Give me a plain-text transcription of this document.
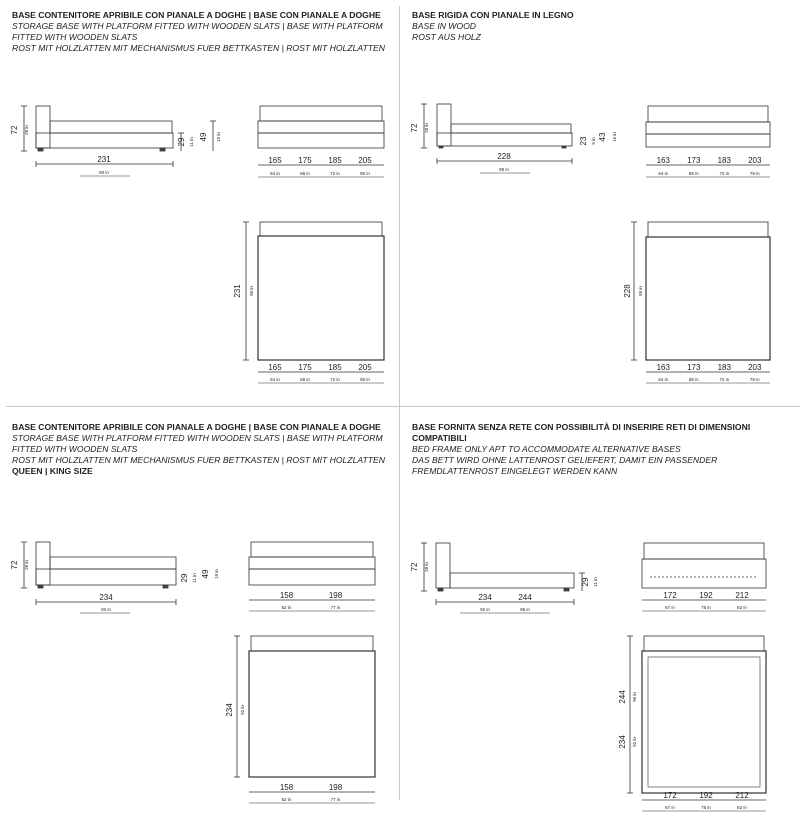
BASE CONTENITORE APRIBILE CON PIANALE A DOGHE | BASE CON PIANALE A DOGHE
STORAGE BASE WITH PLATFORM FITTED WITH WOODEN SLATS | BASE WITH PLATFORM FITTED WITH WOODEN SLATS
ROST MIT HOLZLATTEN MIT MECHANISMUS FUER BETTKASTEN | ROST MIT HOLZLATTEN
72 28 in
29 11 in
49 19 in
231
90 in
165
64 in
175
68 in
185
72 in
205
80 in
231 90 in
165
64 in
175
68 in
185
72 in
205
80 in
BASE RIGIDA CON PIANALE IN LEGNO
BASE IN WOOD
ROST AUS HOLZ
72 28 in
23 9 in 43 16 in
228
89 in
163
64 in
173
68 in
183
72 in
203
79 in
228 89 in
163
64 in
173
68 in
183
72 in
203
79 in
BASE CONTENITORE APRIBILE CON PIANALE A DOGHE | BASE CON PIANALE A DOGHE
STORAGE BASE WITH PLATFORM FITTED WITH WOODEN SLATS | BASE WITH PLATFORM FITTED WITH WOODEN SLATS
ROST MIT HOLZLATTEN MIT MECHANISMUS FUER BETTKASTEN | ROST MIT HOLZLATTEN
QUEEN | KING SIZE
72 28 in
29 11 in 49 19 in
234
92 in
158
62 in
198
77 in
234 92 in
158
62 in
198
77 in
BASE FORNITA SENZA RETE CON POSSIBILITÀ DI INSERIRE RETI DI DIMENSIONI COMPATIBILI
BED FRAME ONLY APT TO ACCOMMODATE ALTERNATIVE BASES
DAS BETT WIRD OHNE LATTENROST GELIEFERT, DAMIT EIN PASSENDER FREMDLATTENROST EINGELEGT WERDEN KANN
72 28 in
29 11 in
234	244
92 in	96 in
172
67 in
192
75 in
212
83 in
244 96 in
234 92 in
172
67 in
192
75 in
212
83 in
